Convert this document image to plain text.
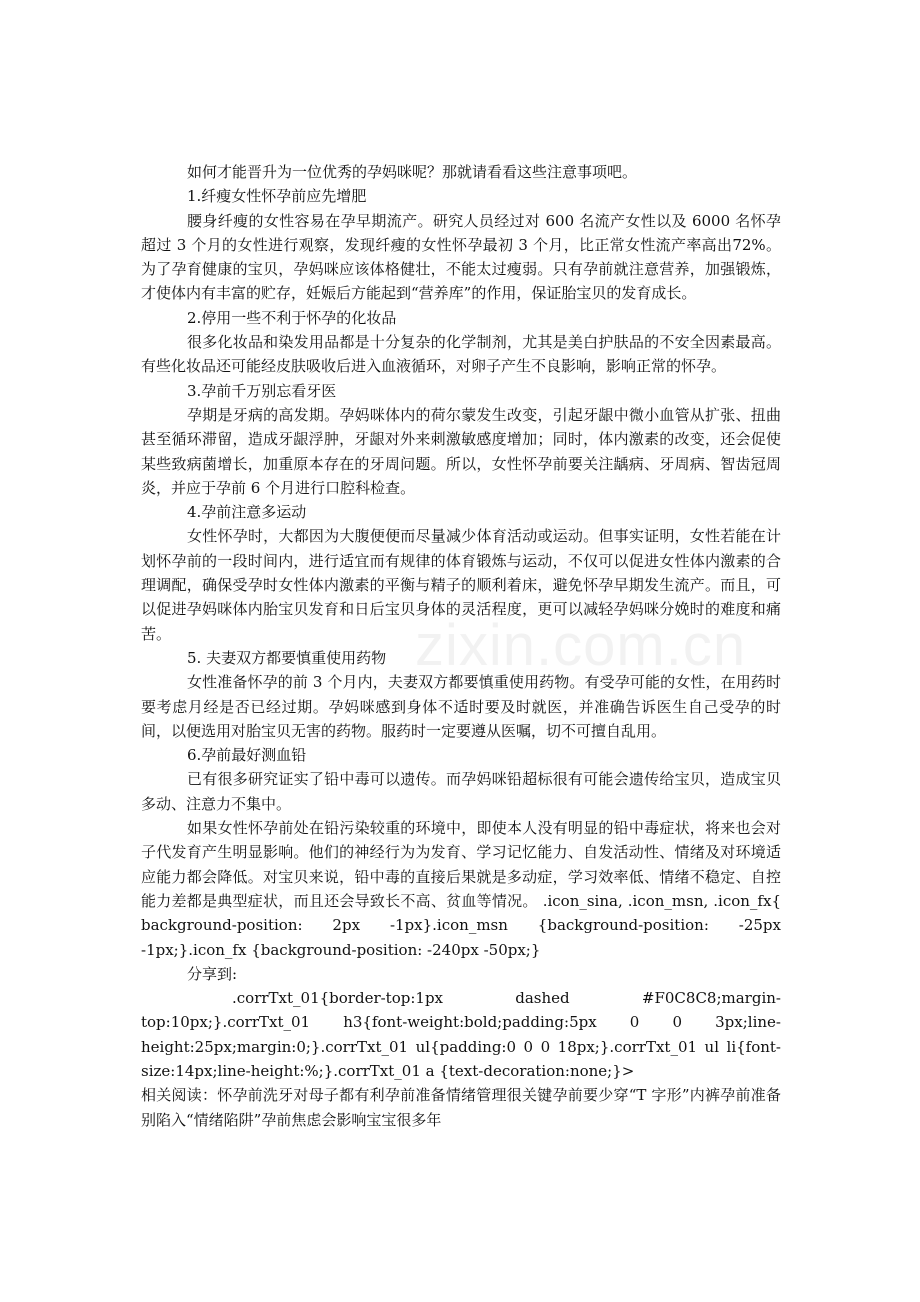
zixin.com.cn

如何才能晋升为一位优秀的孕妈咪呢？那就请看看这些注意事项吧。

1.纤瘦女性怀孕前应先增肥

腰身纤瘦的女性容易在孕早期流产。研究人员经过对 600 名流产女性以及 6000 名怀孕超过 3 个月的女性进行观察，发现纤瘦的女性怀孕最初 3 个月，比正常女性流产率高出72%。为了孕育健康的宝贝，孕妈咪应该体格健壮，不能太过瘦弱。只有孕前就注意营养，加强锻炼，才使体内有丰富的贮存，妊娠后方能起到“营养库”的作用，保证胎宝贝的发育成长。

2.停用一些不利于怀孕的化妆品

很多化妆品和染发用品都是十分复杂的化学制剂，尤其是美白护肤品的不安全因素最高。有些化妆品还可能经皮肤吸收后进入血液循环，对卵子产生不良影响，影响正常的怀孕。

3.孕前千万别忘看牙医

孕期是牙病的高发期。孕妈咪体内的荷尔蒙发生改变，引起牙龈中微小血管从扩张、扭曲甚至循环滞留，造成牙龈浮肿，牙龈对外来刺激敏感度增加；同时，体内激素的改变，还会促使某些致病菌增长，加重原本存在的牙周问题。所以，女性怀孕前要关注龋病、牙周病、智齿冠周炎，并应于孕前 6 个月进行口腔科检查。

4.孕前注意多运动

女性怀孕时，大都因为大腹便便而尽量减少体育活动或运动。但事实证明，女性若能在计划怀孕前的一段时间内，进行适宜而有规律的体育锻炼与运动，不仅可以促进女性体内激素的合理调配，确保受孕时女性体内激素的平衡与精子的顺利着床，避免怀孕早期发生流产。而且，可以促进孕妈咪体内胎宝贝发育和日后宝贝身体的灵活程度，更可以减轻孕妈咪分娩时的难度和痛苦。

5. 夫妻双方都要慎重使用药物

女性准备怀孕的前 3 个月内，夫妻双方都要慎重使用药物。有受孕可能的女性，在用药时要考虑月经是否已经过期。孕妈咪感到身体不适时要及时就医，并准确告诉医生自己受孕的时间，以便选用对胎宝贝无害的药物。服药时一定要遵从医嘱，切不可擅自乱用。

6.孕前最好测血铅

已有很多研究证实了铅中毒可以遗传。而孕妈咪铅超标很有可能会遗传给宝贝，造成宝贝多动、注意力不集中。

如果女性怀孕前处在铅污染较重的环境中，即使本人没有明显的铅中毒症状，将来也会对子代发育产生明显影响。他们的神经行为为发育、学习记忆能力、自发活动性、情绪及对环境适应能力都会降低。对宝贝来说，铅中毒的直接后果就是多动症，学习效率低、情绪不稳定、自控能力差都是典型症状，而且还会导致长不高、贫血等情况。 .icon_sina, .icon_msn, .icon_fx{ background-position: 2px -1px}.icon_msn {background-position: -25px -1px;}.icon_fx {background-position: -240px -50px;}

分享到:

.corrTxt_01{border-top:1px dashed #F0C8C8;margin-top:10px;}.corrTxt_01 h3{font-weight:bold;padding:5px 0 0 3px;line-height:25px;margin:0;}.corrTxt_01 ul{padding:0 0 0 18px;}.corrTxt_01 ul li{font-size:14px;line-height:%;}.corrTxt_01 a {text-decoration:none;}>

相关阅读：怀孕前洗牙对母子都有利孕前准备情绪管理很关键孕前要少穿“T 字形”内裤孕前准备别陷入“情绪陷阱”孕前焦虑会影响宝宝很多年
